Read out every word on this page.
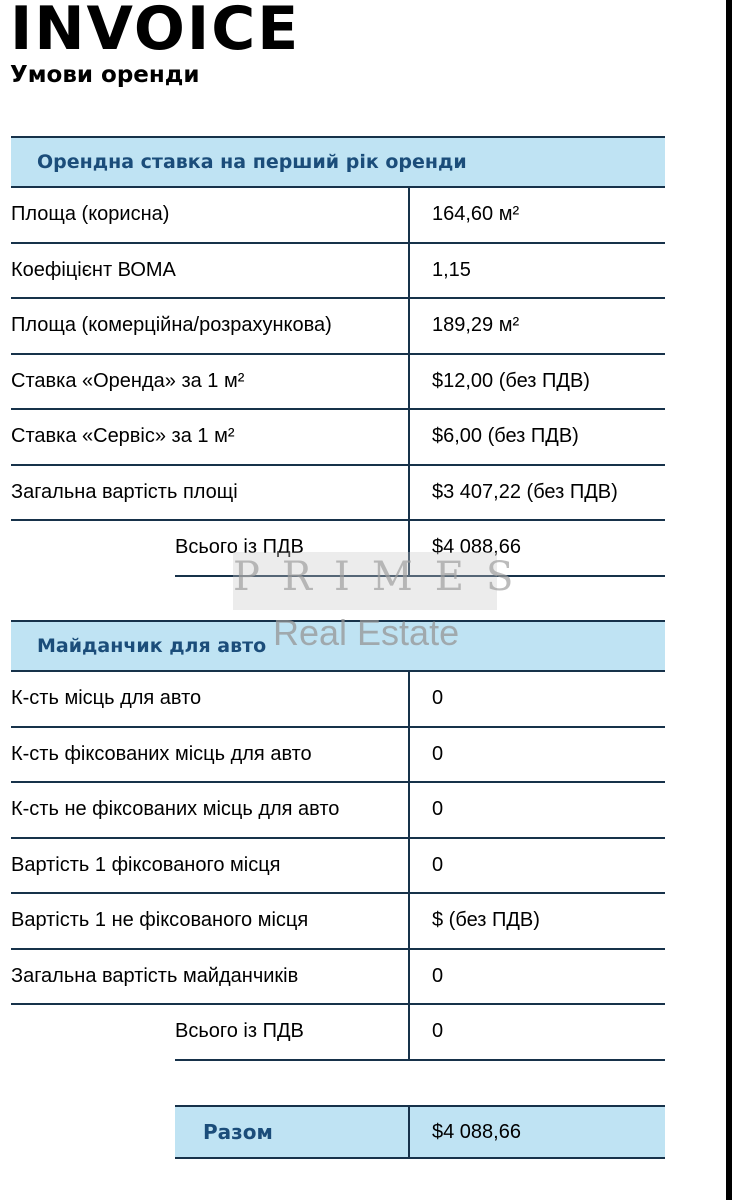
INVOICE
Умови оренди
Орендна ставка на перший рік оренди
Площа (корисна)	164,60 м²
Коефіцієнт ВОМА	1,15
Площа (комерційна/розрахункова)	189,29 м²
Ставка «Оренда» за 1 м²	$12,00 (без ПДВ)
Ставка «Сервіс» за 1 м²	$6,00 (без ПДВ)
Загальна вартість площі	$3 407,22 (без ПДВ)
Всього із ПДВ	$4 088,66
Майданчик для авто
К-сть місць для авто	0
К-сть фіксованих місць для авто	0
К-сть не фіксованих місць для авто	0
Вартість 1 фіксованого місця	0
Вартість 1 не фіксованого місця	$ (без ПДВ)
Загальна вартість майданчиків	0
Всього із ПДВ	0
Разом	$4 088,66
PRIMES
Real Estate
